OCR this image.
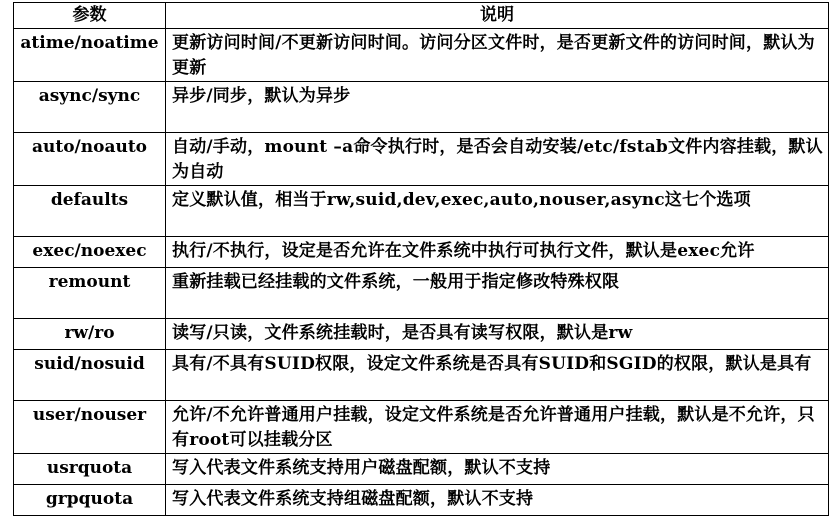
参数	说明
atime/noatime	更新访问时间/不更新访问时间。访问分区文件时，是否更新文件的访问时间，默认为更新
async/sync	异步/同步，默认为异步
auto/noauto	自动/手动，mount –a命令执行时，是否会自动安装/etc/fstab文件内容挂载，默认为自动
defaults	定义默认值，相当于rw,suid,dev,exec,auto,nouser,async这七个选项
exec/noexec	执行/不执行，设定是否允许在文件系统中执行可执行文件，默认是exec允许
remount	重新挂载已经挂载的文件系统，一般用于指定修改特殊权限
rw/ro	读写/只读，文件系统挂载时，是否具有读写权限，默认是rw
suid/nosuid	具有/不具有SUID权限，设定文件系统是否具有SUID和SGID的权限，默认是具有
user/nouser	允许/不允许普通用户挂载，设定文件系统是否允许普通用户挂载，默认是不允许，只有root可以挂载分区
usrquota	写入代表文件系统支持用户磁盘配额，默认不支持
grpquota	写入代表文件系统支持组磁盘配额，默认不支持
